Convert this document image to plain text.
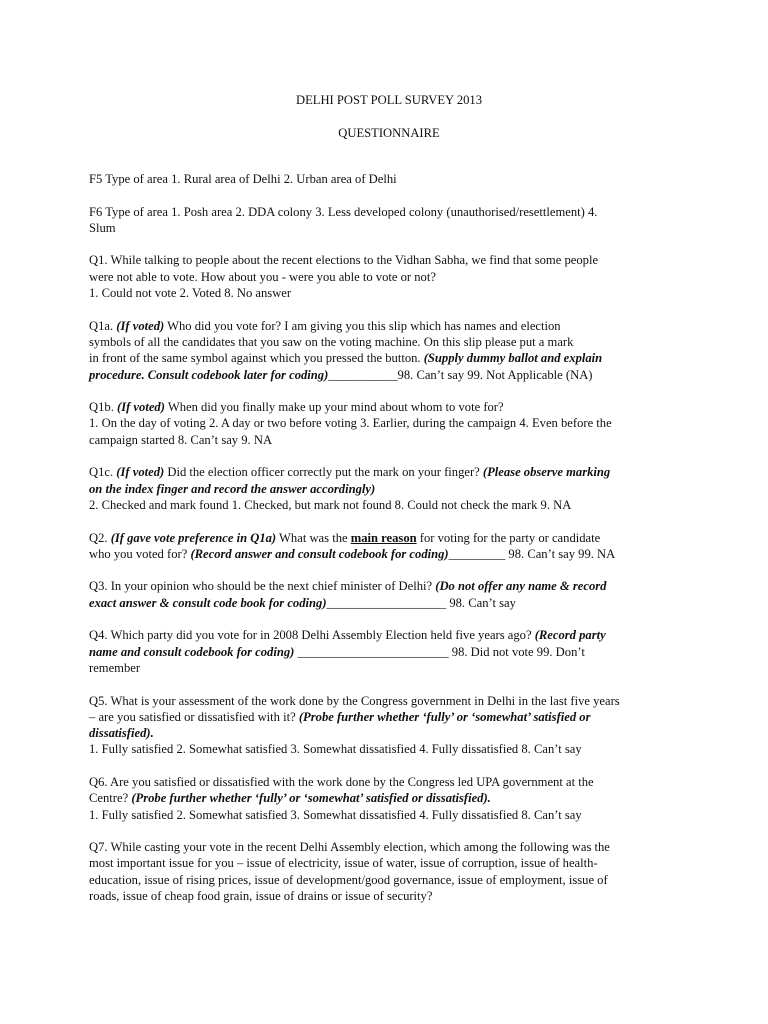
DELHI POST POLL SURVEY 2013
QUESTIONNAIRE
F5 Type of area 1. Rural area of Delhi 2. Urban area of Delhi
F6 Type of area 1. Posh area 2. DDA colony 3. Less developed colony (unauthorised/resettlement) 4.
Slum
Q1. While talking to people about the recent elections to the Vidhan Sabha, we find that some people
were not able to vote. How about you - were you able to vote or not?
1. Could not vote 2. Voted 8. No answer
Q1a. (If voted) Who did you vote for? I am giving you this slip which has names and election
symbols of all the candidates that you saw on the voting machine. On this slip please put a mark
in front of the same symbol against which you pressed the button. (Supply dummy ballot and explain
procedure. Consult codebook later for coding)___________98. Can’t say 99. Not Applicable (NA)
Q1b. (If voted) When did you finally make up your mind about whom to vote for?
1. On the day of voting 2. A day or two before voting 3. Earlier, during the campaign 4. Even before the
campaign started 8. Can’t say 9. NA
Q1c. (If voted) Did the election officer correctly put the mark on your finger? (Please observe marking
on the index finger and record the answer accordingly)
2. Checked and mark found 1. Checked, but mark not found 8. Could not check the mark 9. NA
Q2. (If gave vote preference in Q1a) What was the main reason for voting for the party or candidate
who you voted for? (Record answer and consult codebook for coding)_________ 98. Can’t say 99. NA
Q3. In your opinion who should be the next chief minister of Delhi? (Do not offer any name & record
exact answer & consult code book for coding)___________________ 98. Can’t say
Q4. Which party did you vote for in 2008 Delhi Assembly Election held five years ago? (Record party
name and consult codebook for coding) ________________________ 98. Did not vote 99. Don’t
remember
Q5. What is your assessment of the work done by the Congress government in Delhi in the last five years
– are you satisfied or dissatisfied with it? (Probe further whether ‘fully’ or ‘somewhat’ satisfied or
dissatisfied).
1. Fully satisfied 2. Somewhat satisfied 3. Somewhat dissatisfied 4. Fully dissatisfied 8. Can’t say
Q6. Are you satisfied or dissatisfied with the work done by the Congress led UPA government at the
Centre? (Probe further whether ‘fully’ or ‘somewhat’ satisfied or dissatisfied).
1. Fully satisfied 2. Somewhat satisfied 3. Somewhat dissatisfied 4. Fully dissatisfied 8. Can’t say
Q7. While casting your vote in the recent Delhi Assembly election, which among the following was the
most important issue for you – issue of electricity, issue of water, issue of corruption, issue of health-
education, issue of rising prices, issue of development/good governance, issue of employment, issue of
roads, issue of cheap food grain, issue of drains or issue of security?
